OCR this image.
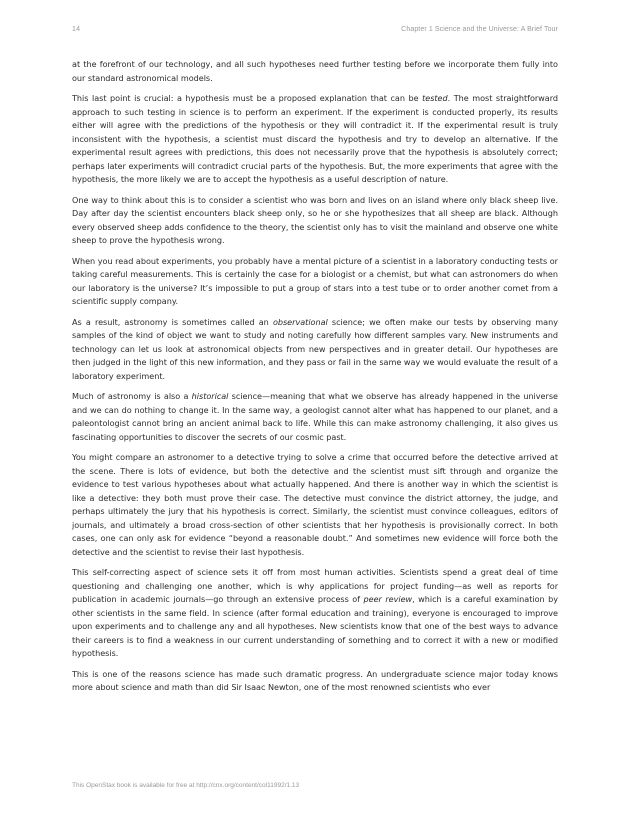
14	Chapter 1 Science and the Universe: A Brief Tour

at the forefront of our technology, and all such hypotheses need further testing before we incorporate them fully into our standard astronomical models.

This last point is crucial: a hypothesis must be a proposed explanation that can be tested. The most straightforward approach to such testing in science is to perform an experiment. If the experiment is conducted properly, its results either will agree with the predictions of the hypothesis or they will contradict it. If the experimental result is truly inconsistent with the hypothesis, a scientist must discard the hypothesis and try to develop an alternative. If the experimental result agrees with predictions, this does not necessarily prove that the hypothesis is absolutely correct; perhaps later experiments will contradict crucial parts of the hypothesis. But, the more experiments that agree with the hypothesis, the more likely we are to accept the hypothesis as a useful description of nature.

One way to think about this is to consider a scientist who was born and lives on an island where only black sheep live. Day after day the scientist encounters black sheep only, so he or she hypothesizes that all sheep are black. Although every observed sheep adds confidence to the theory, the scientist only has to visit the mainland and observe one white sheep to prove the hypothesis wrong.

When you read about experiments, you probably have a mental picture of a scientist in a laboratory conducting tests or taking careful measurements. This is certainly the case for a biologist or a chemist, but what can astronomers do when our laboratory is the universe? It’s impossible to put a group of stars into a test tube or to order another comet from a scientific supply company.

As a result, astronomy is sometimes called an observational science; we often make our tests by observing many samples of the kind of object we want to study and noting carefully how different samples vary. New instruments and technology can let us look at astronomical objects from new perspectives and in greater detail. Our hypotheses are then judged in the light of this new information, and they pass or fail in the same way we would evaluate the result of a laboratory experiment.

Much of astronomy is also a historical science—meaning that what we observe has already happened in the universe and we can do nothing to change it. In the same way, a geologist cannot alter what has happened to our planet, and a paleontologist cannot bring an ancient animal back to life. While this can make astronomy challenging, it also gives us fascinating opportunities to discover the secrets of our cosmic past.

You might compare an astronomer to a detective trying to solve a crime that occurred before the detective arrived at the scene. There is lots of evidence, but both the detective and the scientist must sift through and organize the evidence to test various hypotheses about what actually happened. And there is another way in which the scientist is like a detective: they both must prove their case. The detective must convince the district attorney, the judge, and perhaps ultimately the jury that his hypothesis is correct. Similarly, the scientist must convince colleagues, editors of journals, and ultimately a broad cross-section of other scientists that her hypothesis is provisionally correct. In both cases, one can only ask for evidence “beyond a reasonable doubt.” And sometimes new evidence will force both the detective and the scientist to revise their last hypothesis.

This self-correcting aspect of science sets it off from most human activities. Scientists spend a great deal of time questioning and challenging one another, which is why applications for project funding—as well as reports for publication in academic journals—go through an extensive process of peer review, which is a careful examination by other scientists in the same field. In science (after formal education and training), everyone is encouraged to improve upon experiments and to challenge any and all hypotheses. New scientists know that one of the best ways to advance their careers is to find a weakness in our current understanding of something and to correct it with a new or modified hypothesis.

This is one of the reasons science has made such dramatic progress. An undergraduate science major today knows more about science and math than did Sir Isaac Newton, one of the most renowned scientists who ever

This OpenStax book is available for free at http://cnx.org/content/col11992/1.13
